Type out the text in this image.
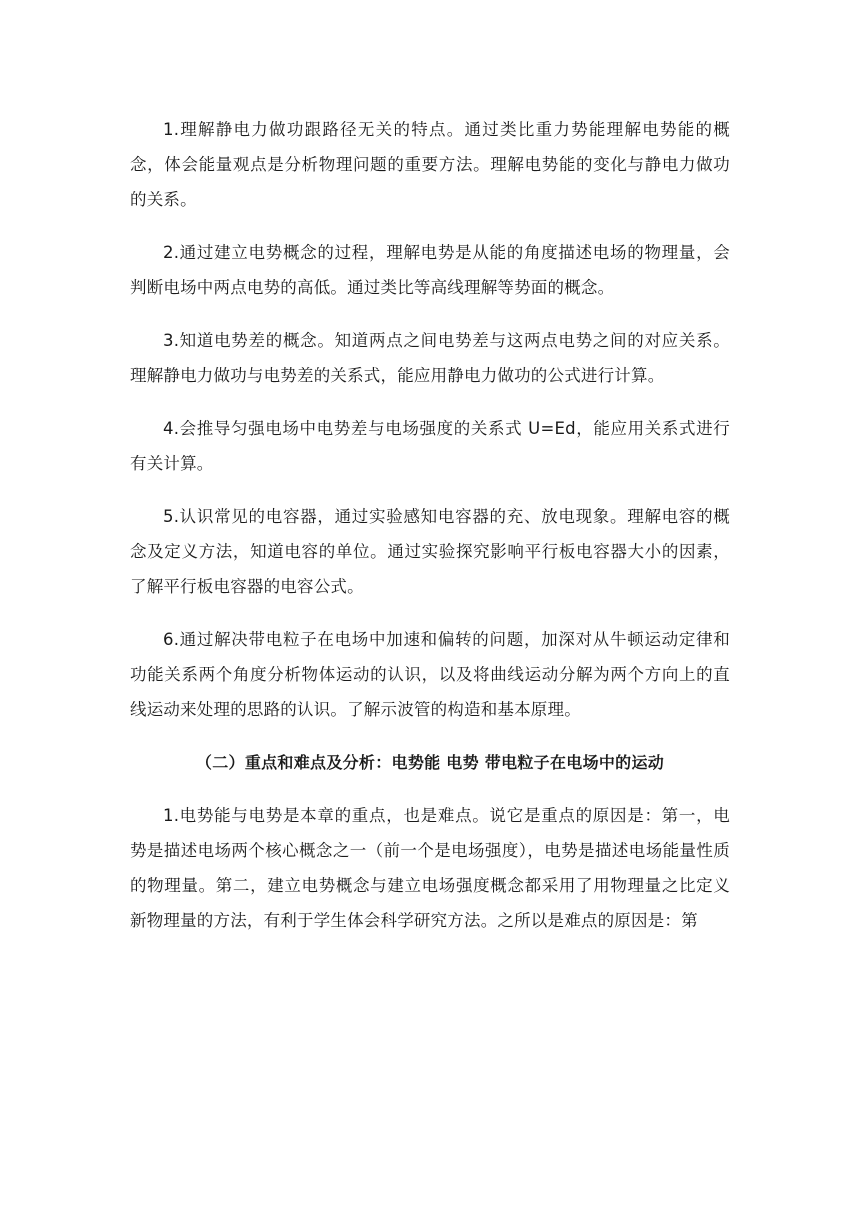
1.理解静电力做功跟路径无关的特点。通过类比重力势能理解电势能的概念，体会能量观点是分析物理问题的重要方法。理解电势能的变化与静电力做功的关系。

2.通过建立电势概念的过程，理解电势是从能的角度描述电场的物理量，会判断电场中两点电势的高低。通过类比等高线理解等势面的概念。

3.知道电势差的概念。知道两点之间电势差与这两点电势之间的对应关系。理解静电力做功与电势差的关系式，能应用静电力做功的公式进行计算。

4.会推导匀强电场中电势差与电场强度的关系式 U=Ed，能应用关系式进行有关计算。

5.认识常见的电容器，通过实验感知电容器的充、放电现象。理解电容的概念及定义方法，知道电容的单位。通过实验探究影响平行板电容器大小的因素，了解平行板电容器的电容公式。

6.通过解决带电粒子在电场中加速和偏转的问题，加深对从牛顿运动定律和功能关系两个角度分析物体运动的认识，以及将曲线运动分解为两个方向上的直线运动来处理的思路的认识。了解示波管的构造和基本原理。

（二）重点和难点及分析：电势能 电势 带电粒子在电场中的运动

1.电势能与电势是本章的重点，也是难点。说它是重点的原因是：第一，电势是描述电场两个核心概念之一（前一个是电场强度），电势是描述电场能量性质的物理量。第二，建立电势概念与建立电场强度概念都采用了用物理量之比定义新物理量的方法，有利于学生体会科学研究方法。之所以是难点的原因是：第
